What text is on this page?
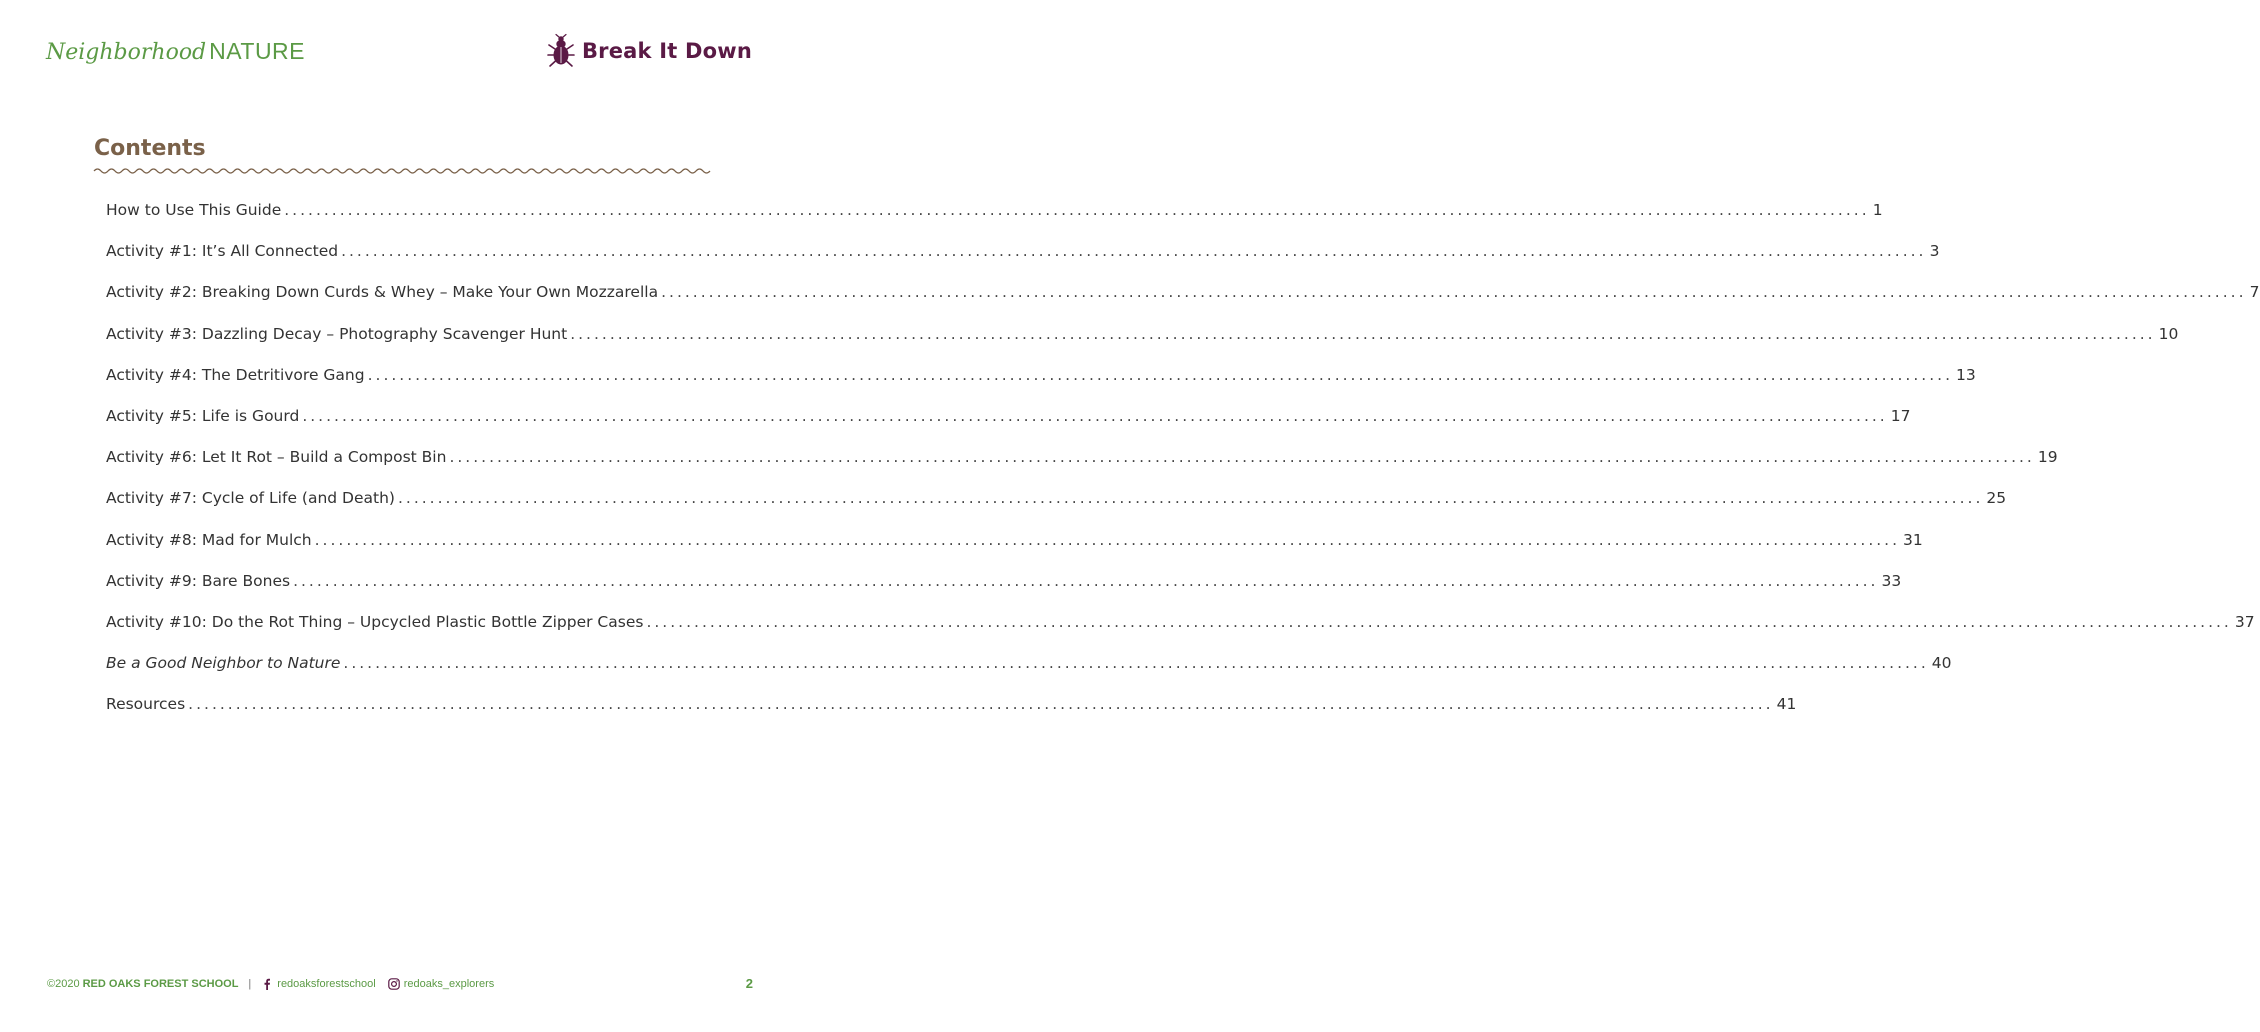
Neighborhood NATURE	Break It Down
Contents
How to Use This Guide ........................................................................................................................................................................................................ 1
Activity #1: It’s All Connected ........................................................................................................................................................................................................ 3
Activity #2: Breaking Down Curds & Whey – Make Your Own Mozzarella ........................................................................................................................................................................................................ 7
Activity #3: Dazzling Decay – Photography Scavenger Hunt ........................................................................................................................................................................................................ 10
Activity #4: The Detritivore Gang ........................................................................................................................................................................................................ 13
Activity #5: Life is Gourd ........................................................................................................................................................................................................ 17
Activity #6: Let It Rot – Build a Compost Bin ........................................................................................................................................................................................................ 19
Activity #7: Cycle of Life (and Death) ........................................................................................................................................................................................................ 25
Activity #8: Mad for Mulch ........................................................................................................................................................................................................ 31
Activity #9: Bare Bones ........................................................................................................................................................................................................ 33
Activity #10: Do the Rot Thing – Upcycled Plastic Bottle Zipper Cases ........................................................................................................................................................................................................ 37
Be a Good Neighbor to Nature ........................................................................................................................................................................................................ 40
Resources ........................................................................................................................................................................................................ 41
©2020 RED OAKS FOREST SCHOOL | redoaksforestschool	redoaks_explorers	2
